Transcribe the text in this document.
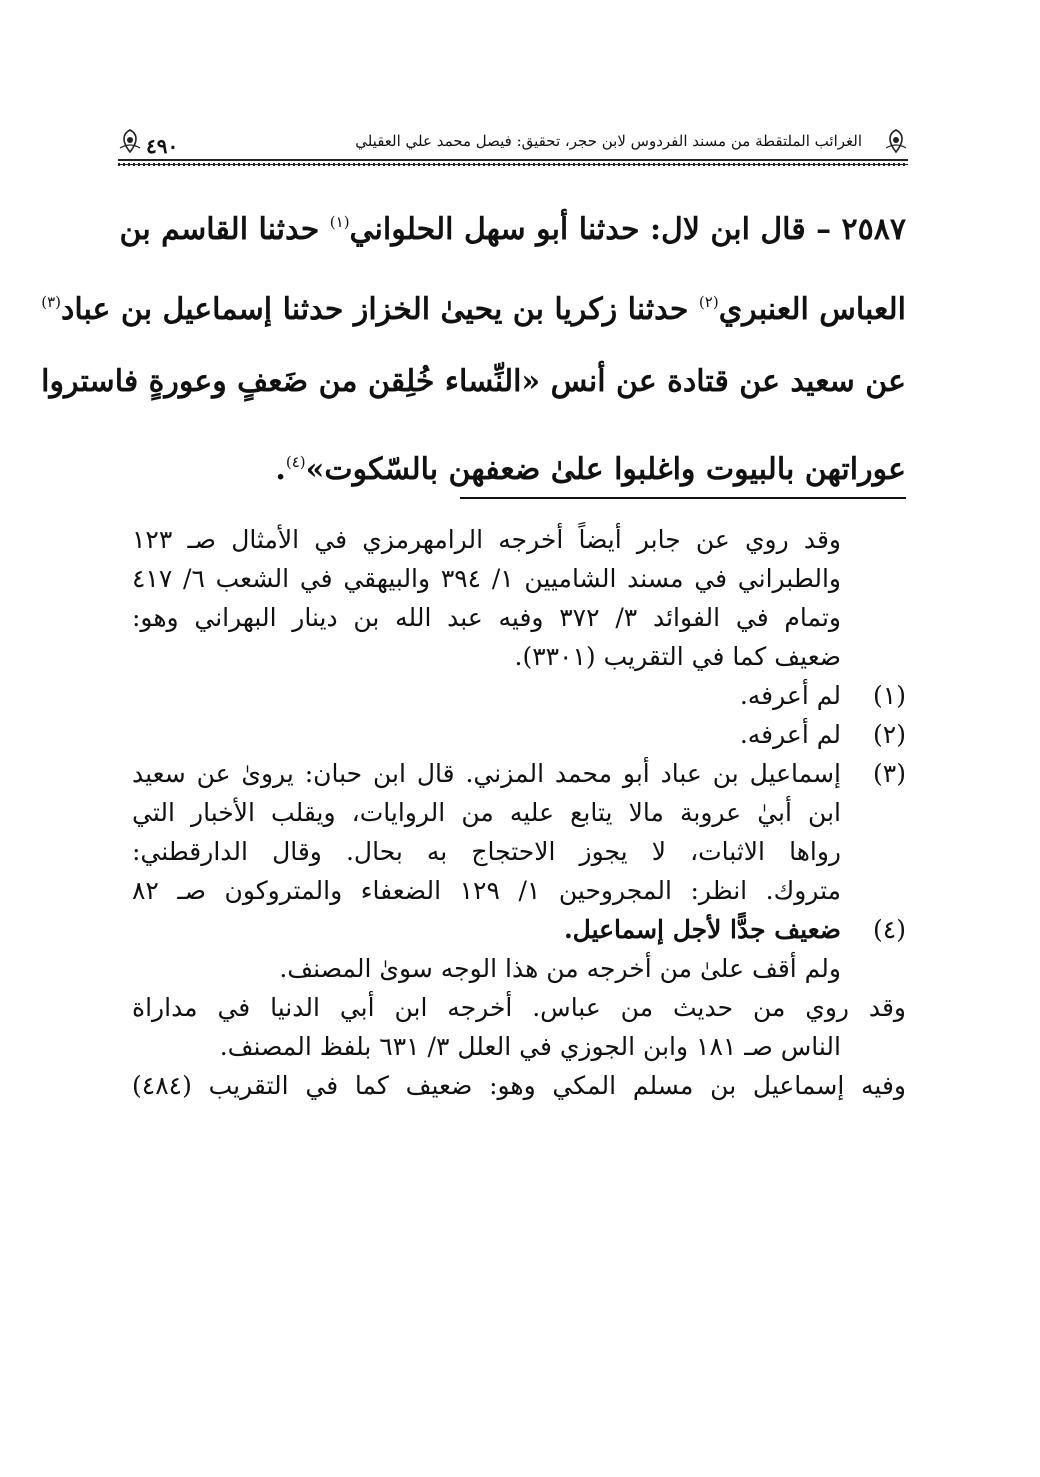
الغرائب الملتقطة من مسند الفردوس لابن حجر، تحقيق: فيصل محمد علي العقيلي
٤٩٠
٢٥٨٧ – قال ابن لال: حدثنا أبو سهل الحلواني$^{(١)}$ حدثنا القاسم بن
العباس العنبري$^{(٢)}$ حدثنا زكريا بن يحيىٰ الخزاز حدثنا إسماعيل بن عباد$^{(٣)}$
عن سعيد عن قتادة عن أنس «النِّساء خُلِقن من ضَعفٍ وعورةٍ فاستروا
عوراتهن بالبيوت واغلبوا علىٰ ضعفهن بالسّكوت»$^{(٤)}$.
وقد روي عن جابر أيضاً أخرجه الرامهرمزي في الأمثال صـ ١٢٣
والطبراني في مسند الشاميين ١/ ٣٩٤ والبيهقي في الشعب ٦/ ٤١٧
وتمام في الفوائد ٣/ ٣٧٢ وفيه عبد الله بن دينار البهراني وهو:
ضعيف كما في التقريب (٣٣٠١).
(١)لم أعرفه.
(٢)لم أعرفه.
(٣)إسماعيل بن عباد أبو محمد المزني. قال ابن حبان: يروىٰ عن سعيد
ابن أبيٰ عروبة مالا يتابع عليه من الروايات، ويقلب الأخبار التي
رواها الاثبات، لا يجوز الاحتجاج به بحال. وقال الدارقطني:
متروك. انظر: المجروحين ١/ ١٢٩ الضعفاء والمتروكون صـ ٨٢
(٤)ضعيف جدًّا لأجل إسماعيل.
ولم أقف علىٰ من أخرجه من هذا الوجه سوىٰ المصنف.
وقد روي من حديث من عباس. أخرجه ابن أبي الدنيا في مداراة
الناس صـ ١٨١ وابن الجوزي في العلل ٣/ ٦٣١ بلفظ المصنف.
وفيه إسماعيل بن مسلم المكي وهو: ضعيف كما في التقريب (٤٨٤)
